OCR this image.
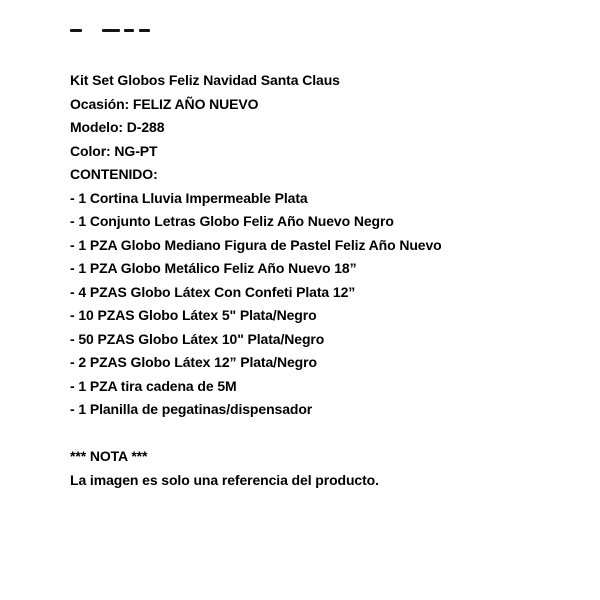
Kit Set Globos Feliz Navidad Santa Claus

Ocasión: FELIZ AÑO NUEVO

Modelo: D-288

Color: NG-PT

CONTENIDO:

- 1 Cortina Lluvia Impermeable Plata

- 1 Conjunto Letras Globo Feliz Año Nuevo Negro

- 1 PZA Globo Mediano Figura de Pastel Feliz Año Nuevo

- 1 PZA Globo Metálico Feliz Año Nuevo 18”

- 4 PZAS Globo Látex Con Confeti Plata 12”

- 10 PZAS Globo Látex 5" Plata/Negro

- 50 PZAS Globo Látex 10" Plata/Negro

- 2 PZAS Globo Látex 12” Plata/Negro

- 1 PZA tira cadena de 5M

- 1 Planilla de pegatinas/dispensador

*** NOTA ***

La imagen es solo una referencia del producto.
